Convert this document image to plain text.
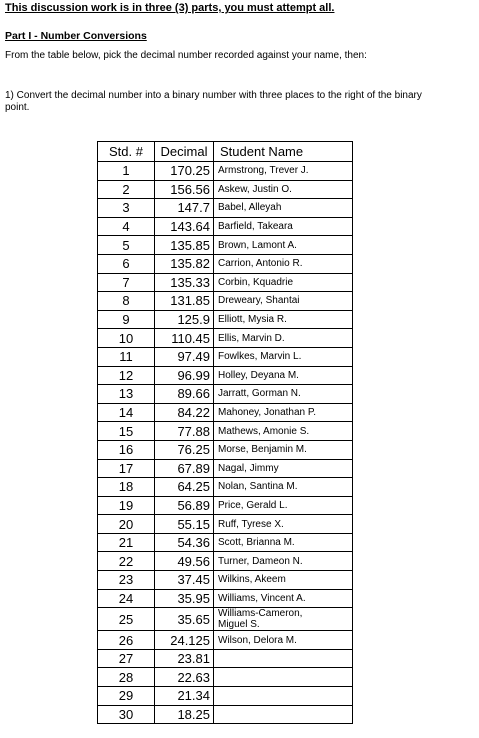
This discussion work is in three (3) parts, you must attempt all.

Part I - Number Conversions
From the table below, pick the decimal number recorded against your name, then:
1) Convert the decimal number into a binary number with three places to the right of the binary point.
Std. #	Decimal	Student Name
1	170.25	Armstrong, Trever J.
2	156.56	Askew, Justin O.
3	147.7	Babel, Alleyah
4	143.64	Barfield, Takeara
5	135.85	Brown, Lamont A.
6	135.82	Carrion, Antonio R.
7	135.33	Corbin, Kquadrie
8	131.85	Dreweary, Shantai
9	125.9	Elliott, Mysia R.
10	110.45	Ellis, Marvin D.
11	97.49	Fowlkes, Marvin L.
12	96.99	Holley, Deyana M.
13	89.66	Jarratt, Gorman N.
14	84.22	Mahoney, Jonathan P.
15	77.88	Mathews, Amonie S.
16	76.25	Morse, Benjamin M.
17	67.89	Nagal, Jimmy
18	64.25	Nolan, Santina M.
19	56.89	Price, Gerald L.
20	55.15	Ruff, Tyrese X.
21	54.36	Scott, Brianna M.
22	49.56	Turner, Dameon N.
23	37.45	Wilkins, Akeem
24	35.95	Williams, Vincent A.
25	35.65	Williams-Cameron,
Miguel S.

26	24.125	Wilson, Delora M.
27	23.81	
28	22.63	
29	21.34	
30	18.25	
